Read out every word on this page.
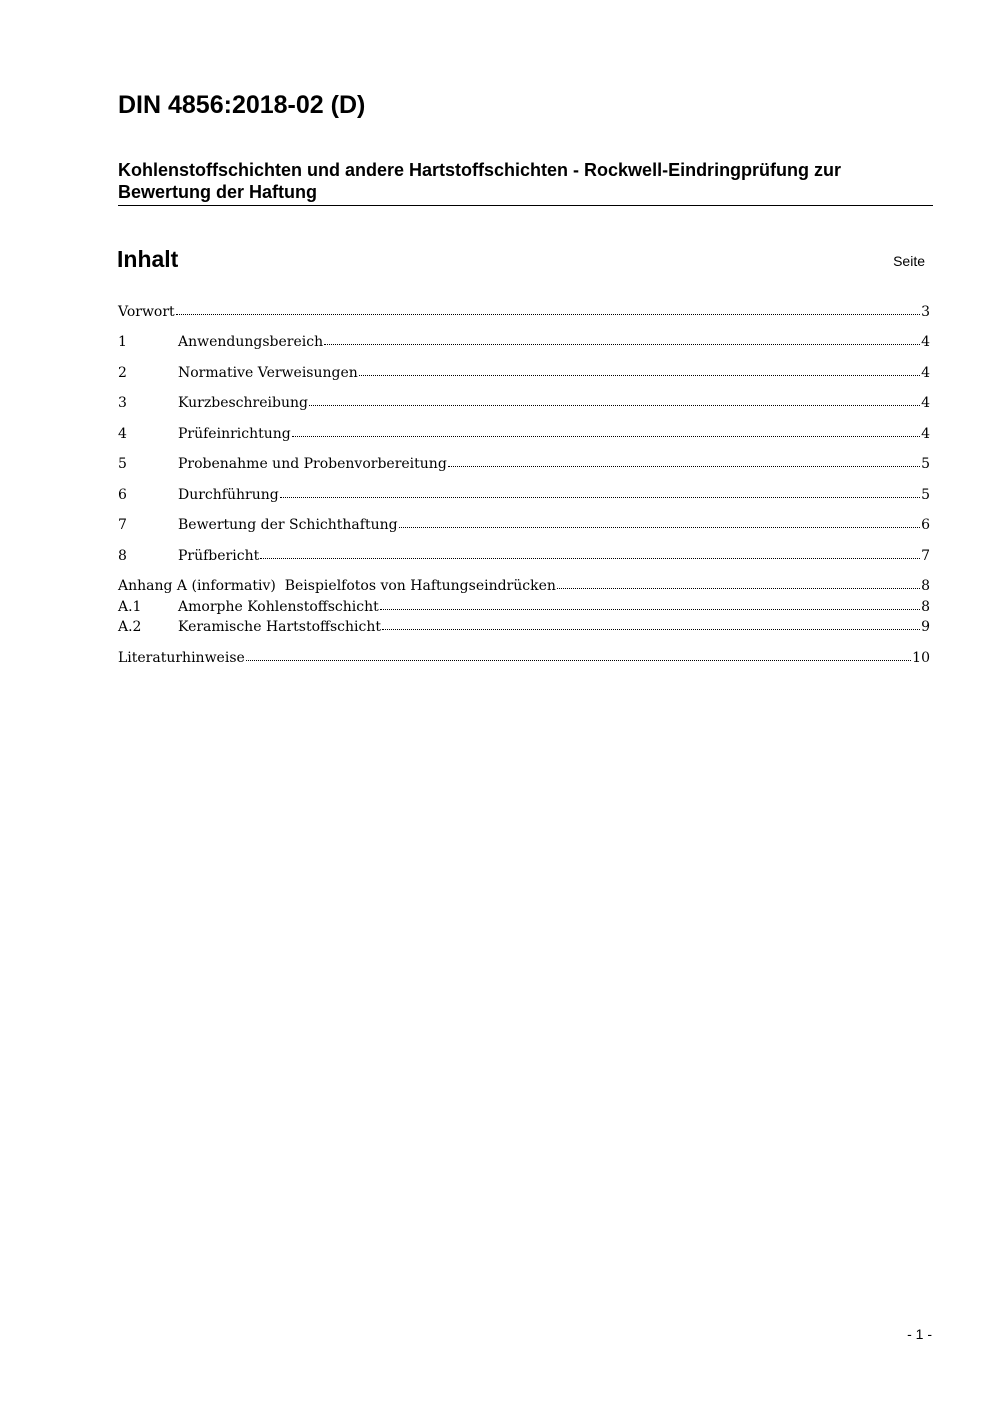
DIN 4856:2018-02 (D)
Kohlenstoffschichten und andere Hartstoffschichten - Rockwell-Eindringprüfung zur Bewertung der Haftung
Inhalt	Seite
Vorwort	3
1	Anwendungsbereich	4
2	Normative Verweisungen	4
3	Kurzbeschreibung	4
4	Prüfeinrichtung	4
5	Probenahme und Probenvorbereitung	5
6	Durchführung	5
7	Bewertung der Schichthaftung	6
8	Prüfbericht	7
Anhang A (informativ)  Beispielfotos von Haftungseindrücken	8
A.1	Amorphe Kohlenstoffschicht	8
A.2	Keramische Hartstoffschicht	9
Literaturhinweise	10
- 1 -
